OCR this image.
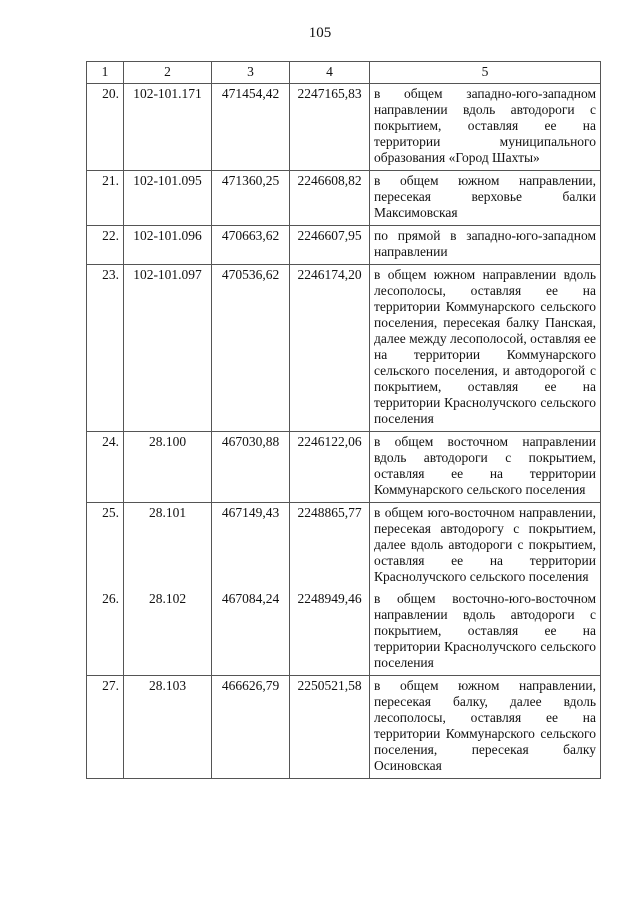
105
1	2	3	4	5
20.	102-101.171	471454,42	2247165,83	в общем западно-юго-западном направлении вдоль автодороги с покрытием, оставляя ее на территории муниципального образования «Город Шахты»
21.	102-101.095	471360,25	2246608,82	в общем южном направлении, пересекая верховье балки Максимовская
22.	102-101.096	470663,62	2246607,95	по прямой в западно-юго-западном направлении
23.	102-101.097	470536,62	2246174,20	в общем южном направлении вдоль лесополосы, оставляя ее на территории Коммунарского сельского поселения, пересекая балку Панская, далее между лесополосой, оставляя ее на территории Коммунарского сельского поселения, и автодорогой с покрытием, оставляя ее на территории Краснолучского сельского поселения
24.	28.100	467030,88	2246122,06	в общем восточном направлении вдоль автодороги с покрытием, оставляя ее на территории Коммунарского сельского поселения
25.	28.101	467149,43	2248865,77	в общем юго-восточном направлении, пересекая автодорогу с покрытием, далее вдоль автодороги с покрытием, оставляя ее на территории Краснолучского сельского поселения
26.	28.102	467084,24	2248949,46	в общем восточно-юго-восточном направлении вдоль автодороги с покрытием, оставляя ее на территории Краснолучского сельского поселения
27.	28.103	466626,79	2250521,58	в общем южном направлении, пересекая балку, далее вдоль лесополосы, оставляя ее на территории Коммунарского сельского поселения, пересекая балку Осиновская
